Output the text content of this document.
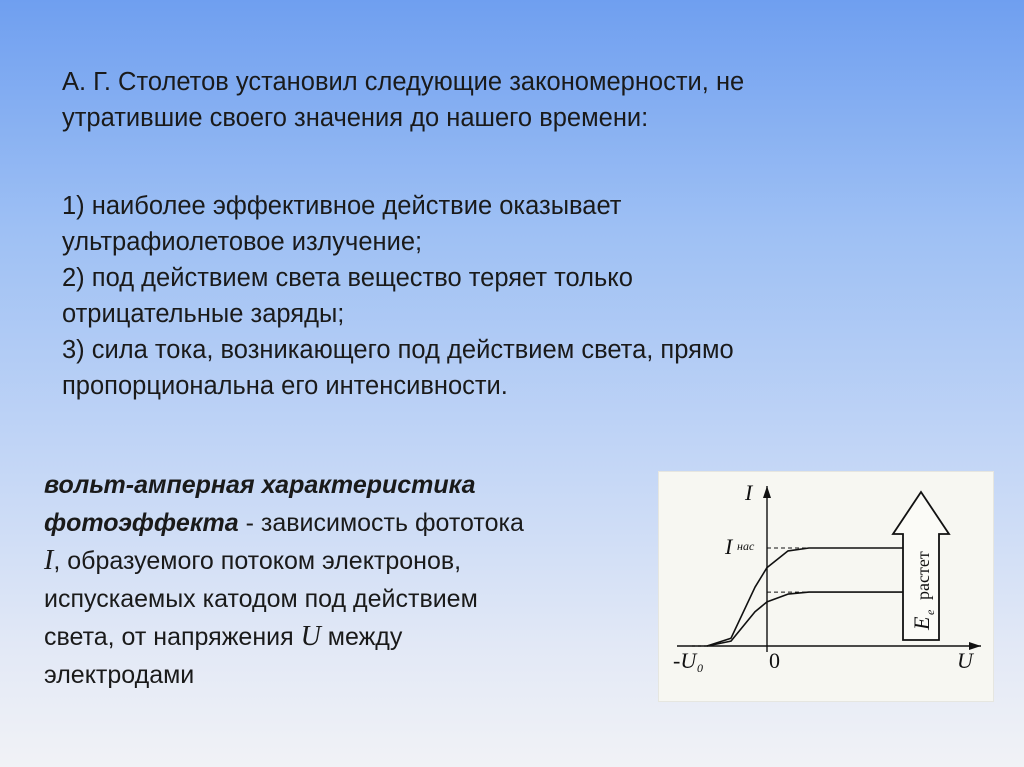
А. Г. Столетов установил следующие закономерности, не

утратившие своего значения до нашего времени:

1) наиболее эффективное действие оказывает

ультрафиолетовое излучение;

2) под действием света вещество теряет только

отрицательные заряды;

3) сила тока, возникающего под действием света, прямо

пропорциональна его интенсивности.

вольт-амперная характеристика
фотоэффекта - зависимость фототока
I, образуемого потоком электронов,
испускаемых катодом под действием
света, от напряжения U между
электродами
I
U
0
-U 0
I нас
E
e
растет
